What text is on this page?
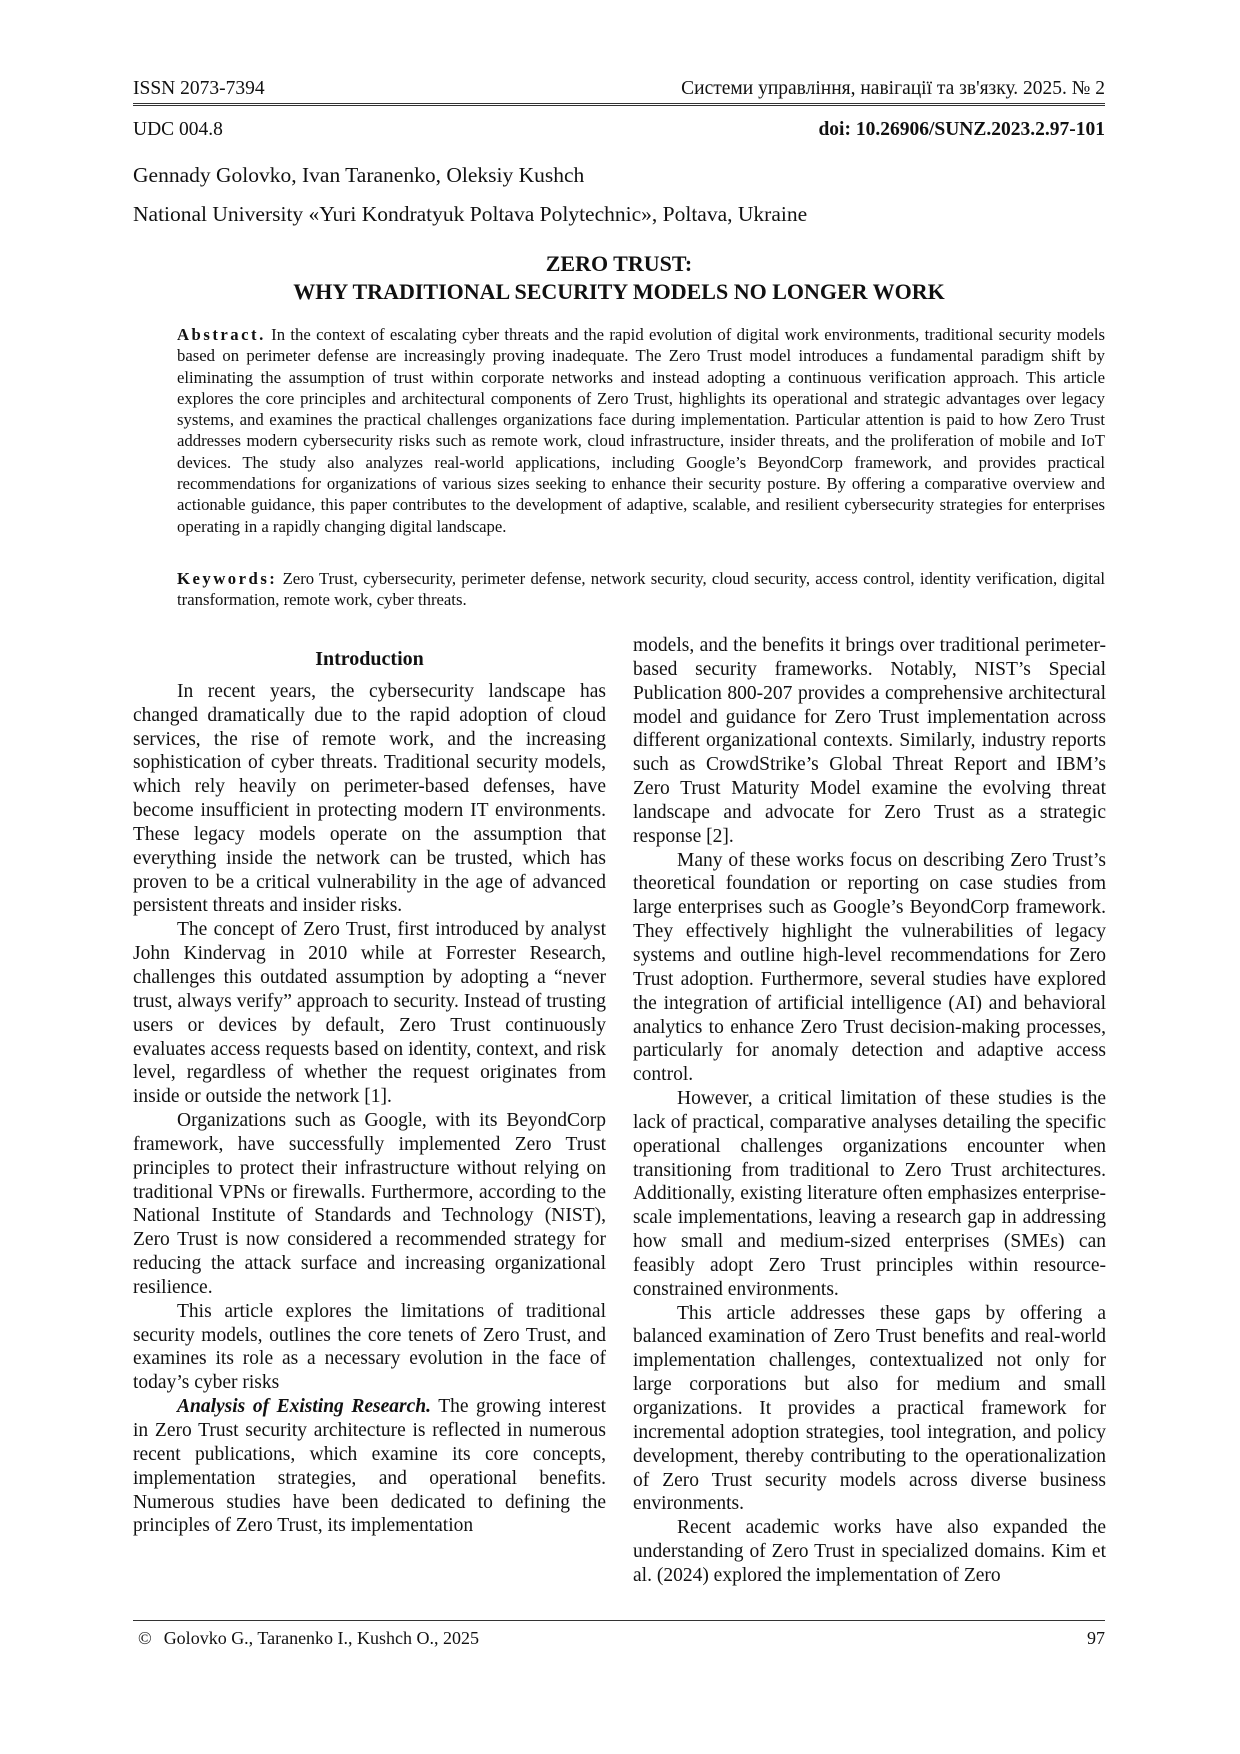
ISSN 2073-7394	Системи управління, навігації та зв'язку. 2025. № 2
UDC 004.8	doi: 10.26906/SUNZ.2023.2.97-101
Gennady Golovko, Ivan Taranenko, Oleksiy Kushch
National University «Yuri Kondratyuk Poltava Polytechnic», Poltava, Ukraine
ZERO TRUST:
WHY TRADITIONAL SECURITY MODELS NO LONGER WORK
Abstract. In the context of escalating cyber threats and the rapid evolution of digital work environments, traditional security models based on perimeter defense are increasingly proving inadequate. The Zero Trust model introduces a fundamental paradigm shift by eliminating the assumption of trust within corporate networks and instead adopting a continuous verification approach. This article explores the core principles and architectural components of Zero Trust, highlights its operational and strategic advantages over legacy systems, and examines the practical challenges organizations face during implementation. Particular attention is paid to how Zero Trust addresses modern cybersecurity risks such as remote work, cloud infrastructure, insider threats, and the proliferation of mobile and IoT devices. The study also analyzes real-world applications, including Google’s BeyondCorp framework, and provides practical recommendations for organizations of various sizes seeking to enhance their security posture. By offering a comparative overview and actionable guidance, this paper contributes to the development of adaptive, scalable, and resilient cybersecurity strategies for enterprises operating in a rapidly changing digital landscape.
Keywords: Zero Trust, cybersecurity, perimeter defense, network security, cloud security, access control, identity verification, digital transformation, remote work, cyber threats.
Introduction

In recent years, the cybersecurity landscape has changed dramatically due to the rapid adoption of cloud services, the rise of remote work, and the increasing sophistication of cyber threats. Traditional security models, which rely heavily on perimeter-based defenses, have become insufficient in protecting modern IT environments. These legacy models operate on the assumption that everything inside the network can be trusted, which has proven to be a critical vulnerability in the age of advanced persistent threats and insider risks.

The concept of Zero Trust, first introduced by analyst John Kindervag in 2010 while at Forrester Research, challenges this outdated assumption by adopting a “never trust, always verify” approach to security. Instead of trusting users or devices by default, Zero Trust continuously evaluates access requests based on identity, context, and risk level, regardless of whether the request originates from inside or outside the network [1].

Organizations such as Google, with its BeyondCorp framework, have successfully implemented Zero Trust principles to protect their infrastructure without relying on traditional VPNs or firewalls. Furthermore, according to the National Institute of Standards and Technology (NIST), Zero Trust is now considered a recommended strategy for reducing the attack surface and increasing organizational resilience.

This article explores the limitations of traditional security models, outlines the core tenets of Zero Trust, and examines its role as a necessary evolution in the face of today’s cyber risks

Analysis of Existing Research. The growing interest in Zero Trust security architecture is reflected in numerous recent publications, which examine its core concepts, implementation strategies, and operational benefits. Numerous studies have been dedicated to defining the principles of Zero Trust, its implementation

models, and the benefits it brings over traditional perimeter-based security frameworks. Notably, NIST’s Special Publication 800-207 provides a comprehensive architectural model and guidance for Zero Trust implementation across different organizational contexts. Similarly, industry reports such as CrowdStrike’s Global Threat Report and IBM’s Zero Trust Maturity Model examine the evolving threat landscape and advocate for Zero Trust as a strategic response [2].

Many of these works focus on describing Zero Trust’s theoretical foundation or reporting on case studies from large enterprises such as Google’s BeyondCorp framework. They effectively highlight the vulnerabilities of legacy systems and outline high-level recommendations for Zero Trust adoption. Furthermore, several studies have explored the integration of artificial intelligence (AI) and behavioral analytics to enhance Zero Trust decision-making processes, particularly for anomaly detection and adaptive access control.

However, a critical limitation of these studies is the lack of practical, comparative analyses detailing the specific operational challenges organizations encounter when transitioning from traditional to Zero Trust architectures. Additionally, existing literature often emphasizes enterprise-scale implementations, leaving a research gap in addressing how small and medium-sized enterprises (SMEs) can feasibly adopt Zero Trust principles within resource-constrained environments.

This article addresses these gaps by offering a balanced examination of Zero Trust benefits and real-world implementation challenges, contextualized not only for large corporations but also for medium and small organizations. It provides a practical framework for incremental adoption strategies, tool integration, and policy development, thereby contributing to the operationalization of Zero Trust security models across diverse business environments.

Recent academic works have also expanded the understanding of Zero Trust in specialized domains. Kim et al. (2024) explored the implementation of Zero

© Golovko G., Taranenko I., Kushch O., 2025	97
